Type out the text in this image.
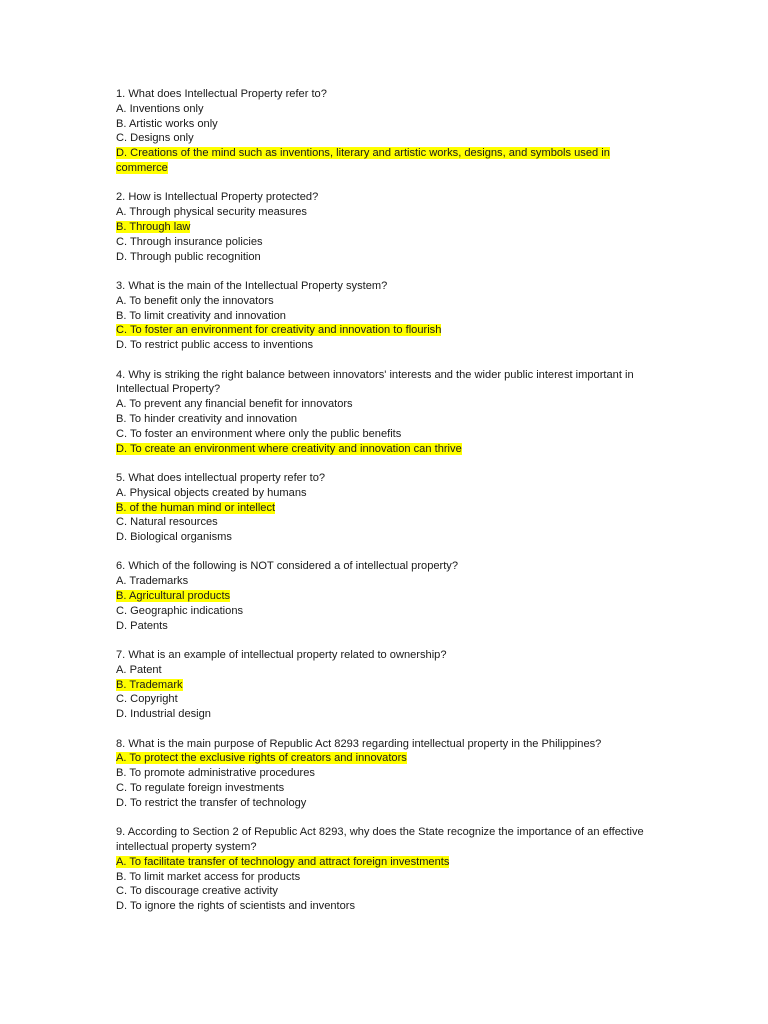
1. What does Intellectual Property refer to?
A. Inventions only
B. Artistic works only
C. Designs only
D. Creations of the mind such as inventions, literary and artistic works, designs, and symbols used in commerce
2. How is Intellectual Property protected?
A. Through physical security measures
B. Through law
C. Through insurance policies
D. Through public recognition
3. What is the main of the Intellectual Property system?
A. To benefit only the innovators
B. To limit creativity and innovation
C. To foster an environment for creativity and innovation to flourish
D. To restrict public access to inventions
4. Why is striking the right balance between innovators' interests and the wider public interest important in Intellectual Property?
A. To prevent any financial benefit for innovators
B. To hinder creativity and innovation
C. To foster an environment where only the public benefits
D. To create an environment where creativity and innovation can thrive
5. What does intellectual property refer to?
A. Physical objects created by humans
B. of the human mind or intellect
C. Natural resources
D. Biological organisms
6. Which of the following is NOT considered a of intellectual property?
A. Trademarks
B. Agricultural products
C. Geographic indications
D. Patents
7. What is an example of intellectual property related to ownership?
A. Patent
B. Trademark
C. Copyright
D. Industrial design
8. What is the main purpose of Republic Act 8293 regarding intellectual property in the Philippines?
A. To protect the exclusive rights of creators and innovators
B. To promote administrative procedures
C. To regulate foreign investments
D. To restrict the transfer of technology
9. According to Section 2 of Republic Act 8293, why does the State recognize the importance of an effective intellectual property system?
A. To facilitate transfer of technology and attract foreign investments
B. To limit market access for products
C. To discourage creative activity
D. To ignore the rights of scientists and inventors
